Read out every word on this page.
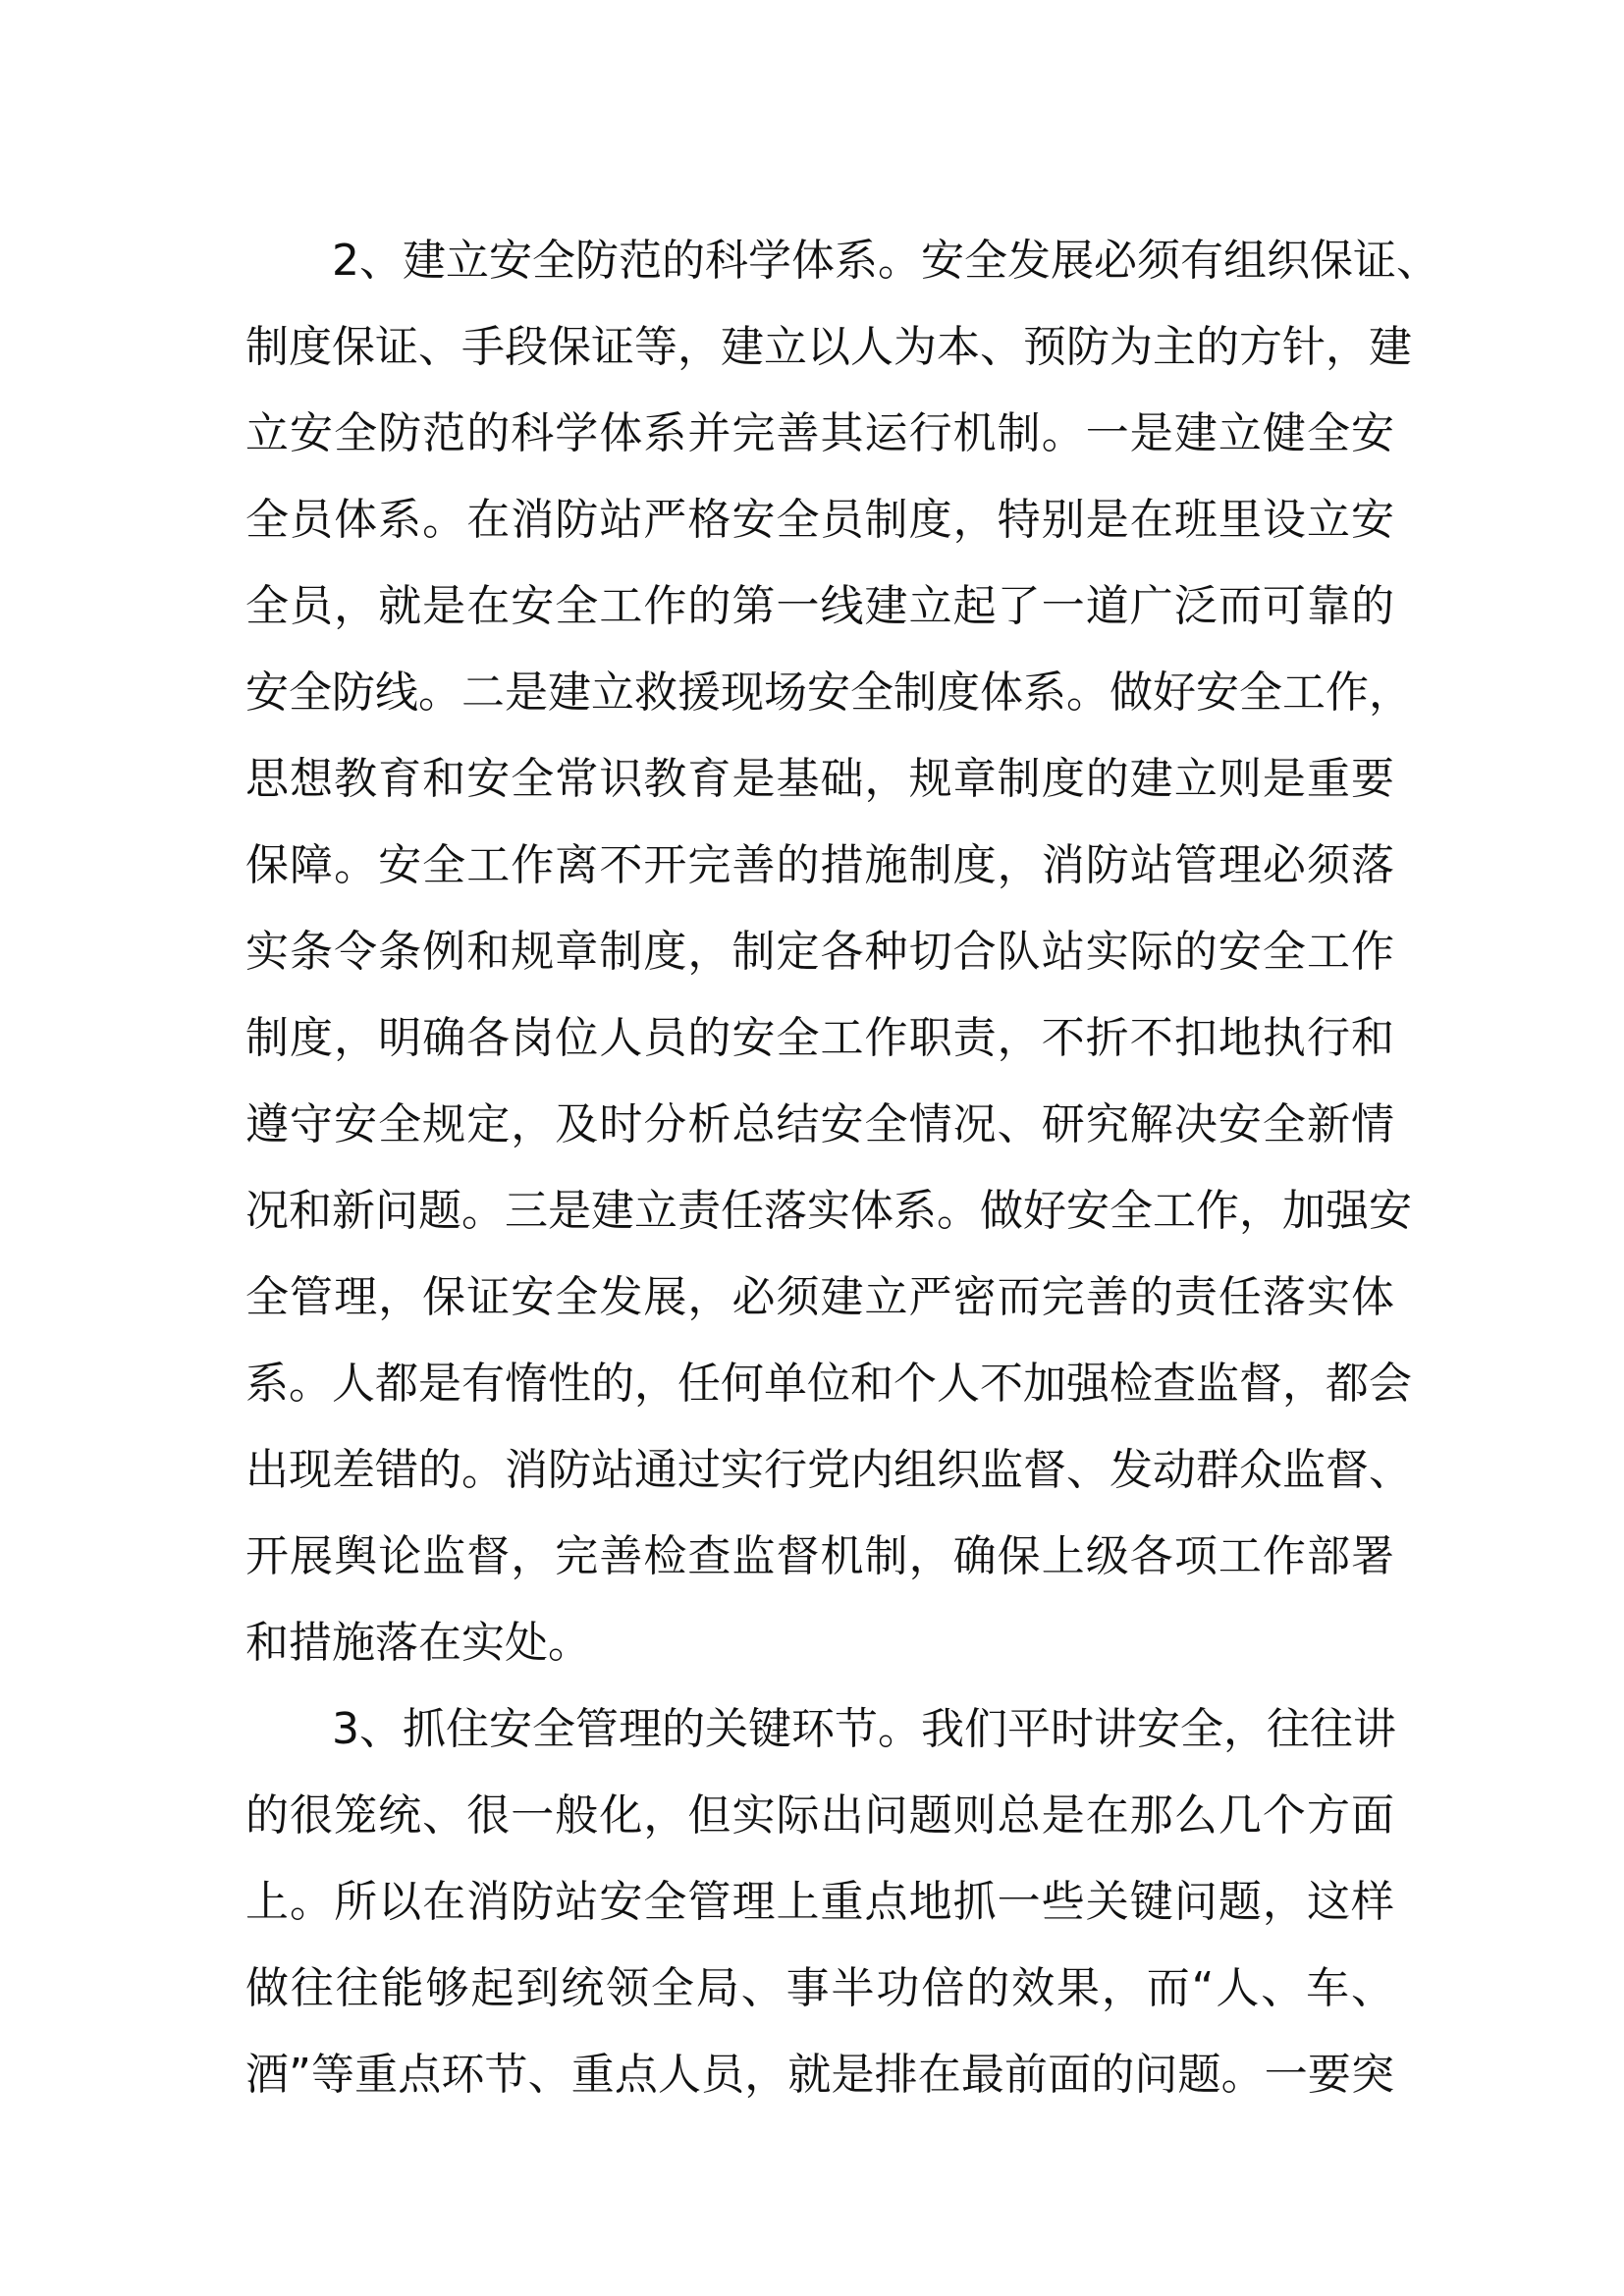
2、建立安全防范的科学体系。安全发展必须有组织保证、
制度保证、手段保证等，建立以人为本、预防为主的方针，建
立安全防范的科学体系并完善其运行机制。一是建立健全安
全员体系。在消防站严格安全员制度，特别是在班里设立安
全员，就是在安全工作的第一线建立起了一道广泛而可靠的
安全防线。二是建立救援现场安全制度体系。做好安全工作，
思想教育和安全常识教育是基础，规章制度的建立则是重要
保障。安全工作离不开完善的措施制度，消防站管理必须落
实条令条例和规章制度，制定各种切合队站实际的安全工作
制度，明确各岗位人员的安全工作职责，不折不扣地执行和
遵守安全规定，及时分析总结安全情况、研究解决安全新情
况和新问题。三是建立责任落实体系。做好安全工作，加强安
全管理，保证安全发展，必须建立严密而完善的责任落实体
系。人都是有惰性的，任何单位和个人不加强检查监督，都会
出现差错的。消防站通过实行党内组织监督、发动群众监督、
开展舆论监督，完善检查监督机制，确保上级各项工作部署
和措施落在实处。
3、抓住安全管理的关键环节。我们平时讲安全，往往讲
的很笼统、很一般化，但实际出问题则总是在那么几个方面
上。所以在消防站安全管理上重点地抓一些关键问题，这样
做往往能够起到统领全局、事半功倍的效果，而“人、车、
酒”等重点环节、重点人员，就是排在最前面的问题。一要突
